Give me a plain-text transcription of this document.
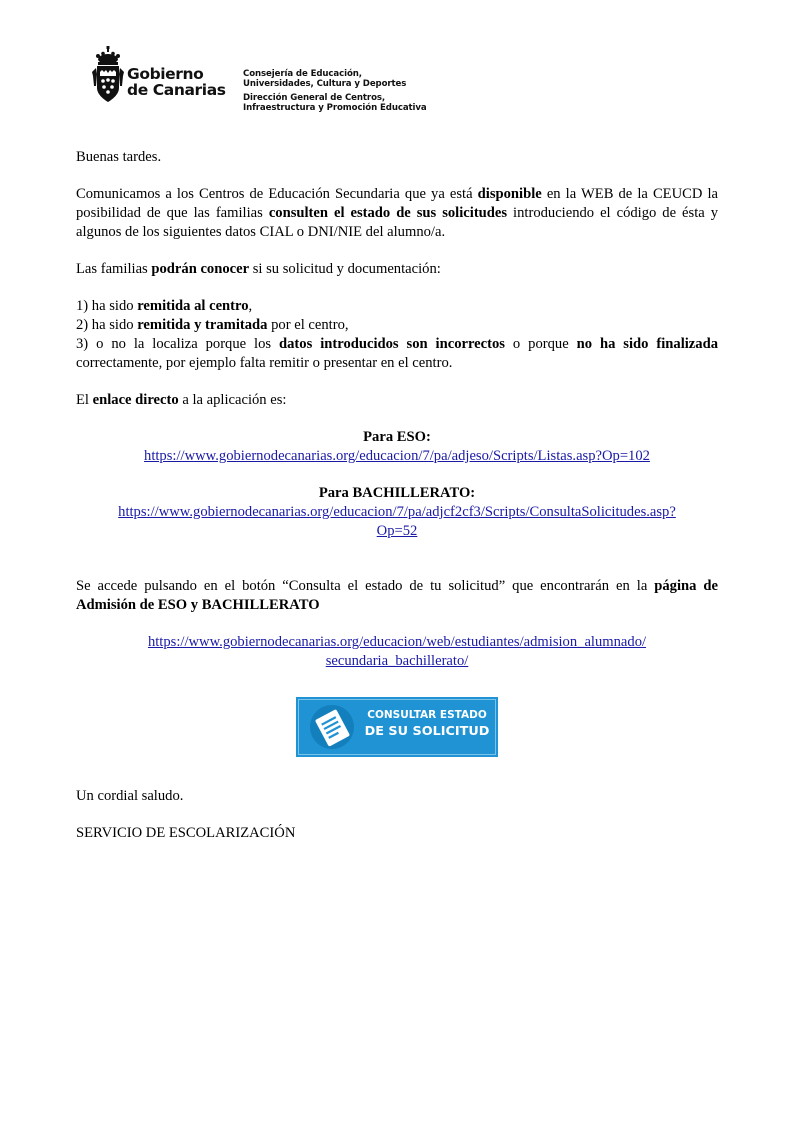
Gobierno
de Canarias
Consejería de Educación,
Universidades, Cultura y Deportes
Dirección General de Centros,
Infraestructura y Promoción Educativa

Buenas tardes.

Comunicamos a los Centros de Educación Secundaria que ya está disponible en la WEB de la CEUCD la posibilidad de que las familias consulten el estado de sus solicitudes introduciendo el código de ésta y algunos de los siguientes datos CIAL o DNI/NIE del alumno/a.

Las familias podrán conocer si su solicitud y documentación:

1) ha sido remitida al centro,

2) ha sido remitida y tramitada por el centro,

3) o no la localiza porque los datos introducidos son incorrectos o porque no ha sido finalizada correctamente, por ejemplo falta remitir o presentar en el centro.

El enlace directo a la aplicación es:

Para ESO:

https://www.gobiernodecanarias.org/educacion/7/pa/adjeso/Scripts/Listas.asp?Op=102

Para BACHILLERATO:

https://www.gobiernodecanarias.org/educacion/7/pa/adjcf2cf3/Scripts/ConsultaSolicitudes.asp?
Op=52

Se accede pulsando en el botón “Consulta el estado de tu solicitud” que encontrarán en la página de Admisión de ESO y BACHILLERATO

https://www.gobiernodecanarias.org/educacion/web/estudiantes/admision_alumnado/
secundaria_bachillerato/

CONSULTAR ESTADO
DE SU SOLICITUD

Un cordial saludo.

SERVICIO DE ESCOLARIZACIÓN
